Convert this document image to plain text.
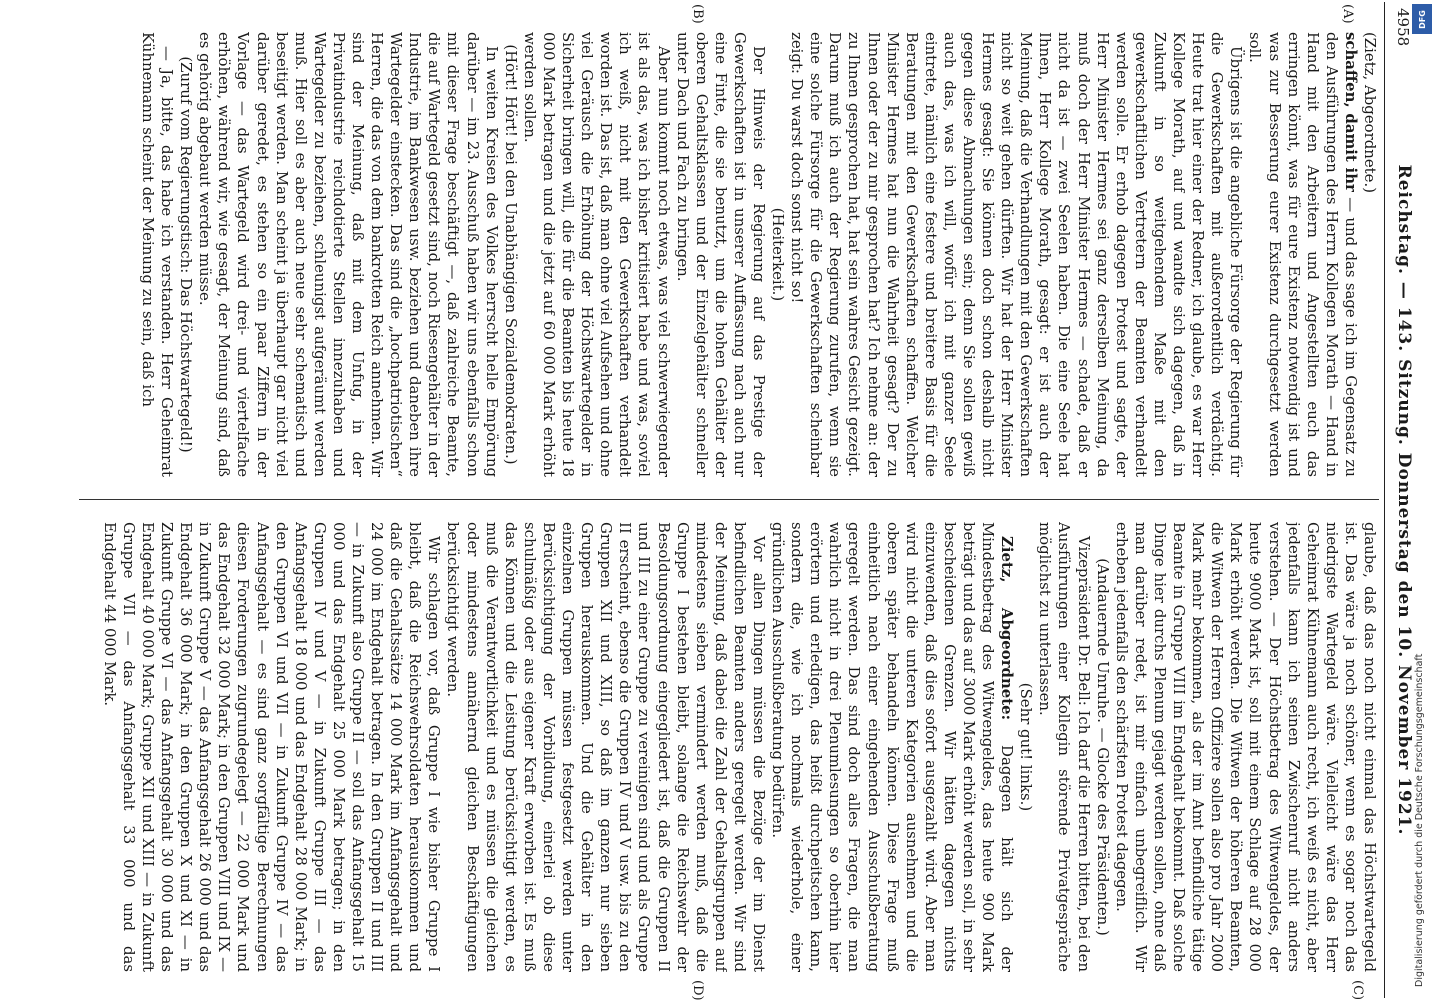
4958
Reichstag. — 143. Sitzung. Donnerstag den 10. November 1921.
(A)
(B)
(C)
(D)

(Zietz, Abgeordnete.)

schaffen, damit ihr — und das sage ich im Gegensatz zu den Ausführungen des Herrn Kollegen Morath — Hand in Hand mit den Arbeitern und Angestellten euch das erringen könnt, was für eure Existenz notwendig ist und was zur Besserung eurer Existenz durchgesetzt werden soll.

Übrigens ist die angebliche Fürsorge der Regierung für die Gewerkschaften mit außerordentlich verdächtig. Heute trat hier einer der Redner, ich glaube, es war Herr Kollege Morath, auf und wandte sich dagegen, daß in Zukunft in so weitgehendem Maße mit den gewerkschaftlichen Vertretern der Beamten verhandelt werden solle. Er erhob dagegen Protest und sagte, der Herr Minister Hermes sei ganz derselben Meinung, da muß doch der Herr Minister Hermes — schade, daß er nicht da ist — zwei Seelen haben. Die eine Seele hat Ihnen, Herr Kollege Morath, gesagt: er ist auch der Meinung, daß die Verhandlungen mit den Gewerkschaften nicht so weit gehen dürften. Wir hat der Herr Minister Hermes gesagt: Sie können doch schon deshalb nicht gegen diese Abmachungen sein; denn Sie sollen gewiß auch das, was ich will, wofür ich mit ganzer Seele eintrete, nämlich eine festere und breitere Basis für die Beratungen mit den Gewerkschaften schaffen. Welcher Minister Hermes hat nun die Wahrheit gesagt? Der zu Ihnen oder der zu mir gesprochen hat? Ich nehme an: der zu Ihnen gesprochen hat, hat sein wahres Gesicht gezeigt. Darum muß ich auch der Regierung zurufen, wenn sie eine solche Fürsorge für die Gewerkschaften scheinbar zeigt: Du warst doch sonst nicht so!

(Heiterkeit.)

Der Hinweis der Regierung auf das Prestige der Gewerkschaften ist in unserer Auffassung nach auch nur eine Finte, die sie benutzt, um die hohen Gehälter der oberen Gehaltsklassen und der Einzelgehälter schneller unter Dach und Fach zu bringen.

Aber nun kommt noch etwas, was viel schwerwiegender ist als das, was ich bisher kritisiert habe und was, soviel ich weiß, nicht mit den Gewerkschaften verhandelt worden ist. Das ist, daß man ohne viel Aufsehen und ohne viel Geräusch die Erhöhung der Höchstwartegelder in Sicherheit bringen will, die für die Beamten bis heute 18 000 Mark betragen und die jetzt auf 60 000 Mark erhöht werden sollen.

(Hört! Hört! bei den Unabhängigen Sozialdemokraten.)

In weiten Kreisen des Volkes herrscht helle Empörung darüber — im 23. Ausschuß haben wir uns ebenfalls schon mit dieser Frage beschäftigt —, daß zahlreiche Beamte, die auf Wartegeld gesetzt sind, noch Riesengehälter in der Industrie, im Bankwesen usw. beziehen und daneben ihre Wartegelder einstecken. Das sind die „hochpatriotischen“ Herren, die das von dem bankrotten Reich annehmen. Wir sind der Meinung, daß mit dem Unfug, in der Privatindustrie reichdotierte Stellen innezuhaben und Wartegelder zu beziehen, schleunigst aufgeräumt werden muß. Hier soll es aber auch neue sehr schematisch und beseitigt werden. Man scheint ja überhaupt gar nicht viel darüber geredet, es stehen so ein paar Ziffern in der Vorlage — das Wartegeld wird drei- und viertelfache erhöhen, während wir, wie gesagt, der Meinung sind, daß es gehörig abgebaut werden müsse.

(Zuruf vom Regierungstisch: Das Höchstwartegeld!)

— Ja, bitte, das habe ich verstanden. Herr Geheimrat Kühnemann scheint der Meinung zu sein, daß ich

glaube, daß das noch nicht einmal das Höchstwartegeld ist. Das wäre ja noch schöner, wenn es sogar noch das niedrigste Wartegeld wäre. Vielleicht wäre das Herr Geheimrat Kühnemann auch recht, ich weiß es nicht, aber jedenfalls kann ich seinen Zwischenruf nicht anders verstehen. — Der Höchstbetrag des Witwengeldes, der heute 9000 Mark ist, soll mit einem Schlage auf 28 000 Mark erhöht werden. Die Witwen der höheren Beamten, die Witwen der Herren Offiziere sollen also pro Jahr 2000 Mark mehr bekommen, als der im Amt befindliche tätige Beamte in Gruppe VIII im Endgehalt bekommt. Daß solche Dinge hier durchs Plenum gejagt werden sollen, ohne daß man darüber redet, ist mir einfach unbegreiflich. Wir erheben jedenfalls den schärfsten Protest dagegen.

(Andauernde Unruhe. — Glocke des Präsidenten.)

Vizepräsident Dr. Bell: Ich darf die Herren bitten, bei den Ausführungen einer Kollegin störende Privatgespräche möglichst zu unterlassen.

(Sehr gut! links.)

Zietz, Abgeordnete: Dagegen hält sich der Mindestbetrag des Witwengeldes, das heute 900 Mark beträgt und das auf 3000 Mark erhöht werden soll, in sehr bescheidenen Grenzen. Wir hätten dagegen nichts einzuwenden, daß dies sofort ausgezahlt wird. Aber man wird nicht die unteren Kategorien ausnehmen und die oberen später behandeln können. Diese Frage muß einheitlich nach einer eingehenden Ausschußberatung geregelt werden. Das sind doch alles Fragen, die man wahrlich nicht in drei Plenumlesungen so oberhin hier erörtern und erledigen, das heißt durchpeitschen kann, sondern die, wie ich nochmals wiederhole, einer gründlichen Ausschußberatung bedürfen.

Vor allen Dingen müssen die Bezüge der im Dienst befindlichen Beamten anders geregelt werden. Wir sind der Meinung, daß dabei die Zahl der Gehaltsgruppen auf mindestens sieben vermindert werden muß, daß die Gruppe I bestehen bleibt, solange die Reichswehr der Besoldungsordnung eingegliedert ist, daß die Gruppen II und III zu einer Gruppe zu vereinigen sind und als Gruppe II erscheint, ebenso die Gruppen IV und V usw. bis zu den Gruppen XII und XIII, so daß im ganzen nur sieben Gruppen herauskommen. Und die Gehälter in den einzelnen Gruppen müssen festgesetzt werden unter Berücksichtigung der Vorbildung, einerlei ob diese schulmäßig oder aus eigener Kraft erworben ist. Es muß das Können und die Leistung berücksichtigt werden, es muß die Verantwortlichkeit und es müssen die gleichen oder mindestens annähernd gleichen Beschäftigungen berücksichtigt werden.

Wir schlagen vor, daß Gruppe I wie bisher Gruppe I bleibt, daß die Reichswehrsoldaten herauskommen und daß die Gehaltssätze 14 000 Mark im Anfangsgehalt und 24 000 im Endgehalt betragen. In den Gruppen II und III — in Zukunft also Gruppe II — soll das Anfangsgehalt 15 000 und das Endgehalt 25 000 Mark betragen; in den Gruppen IV und V — in Zukunft Gruppe III — das Anfangsgehalt 18 000 und das Endgehalt 28 000 Mark; in den Gruppen VI und VII — in Zukunft Gruppe IV — das Anfangsgehalt — es sind ganz sorgfältige Berechnungen diesen Forderungen zugrundegelegt — 22 000 Mark und das Endgehalt 32 000 Mark; in den Gruppen VIII und IX — in Zukunft Gruppe V — das Anfangsgehalt 26 000 und das Endgehalt 36 000 Mark; in den Gruppen X und XI — in Zukunft Gruppe VI — das Anfangsgehalt 30 000 und das Endgehalt 40 000 Mark; Gruppe XII und XIII — in Zukunft Gruppe VII — das Anfangsgehalt 33 000 und das Endgehalt 44 000 Mark.

DFG
Digitalisierung gefördert durch die Deutsche Forschungsgemeinschaft
